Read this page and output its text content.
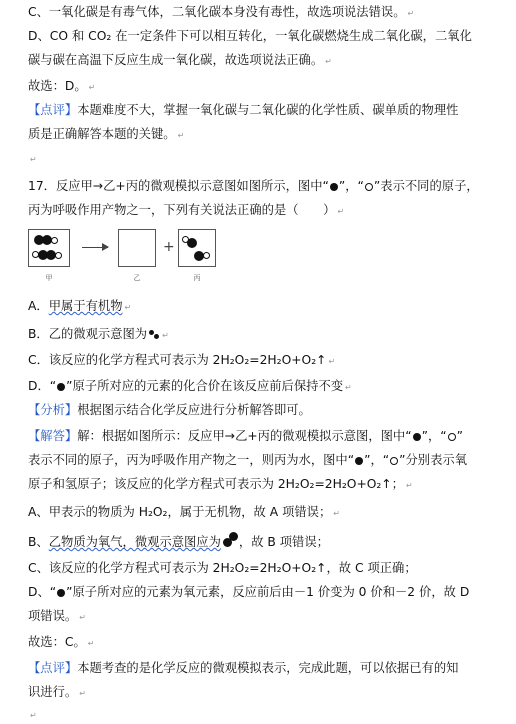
C、一氧化碳是有毒气体，二氧化碳本身没有毒性，故选项说法错误。 ↵
D、CO 和 CO₂ 在一定条件下可以相互转化，一氧化碳燃烧生成二氧化碳，二氧化
碳与碳在高温下反应生成一氧化碳，故选项说法正确。 ↵
故选：D。 ↵
【点评】本题难度不大，掌握一氧化碳与二氧化碳的化学性质、碳单质的物理性
质是正确解答本题的关键。 ↵
↵
17．反应甲→乙+丙的微观模拟示意图如图所示，图中“ ”，“ ”表示不同的原子，
丙为呼吸作用产物之一，下列有关说法正确的是（　　） ↵
甲	乙
+
丙
A．甲属于有机物 ↵
B．乙的微观示意图为 ↵
C．该反应的化学方程式可表示为 2H₂O₂=2H₂O+O₂↑ ↵
D．“ ”原子所对应的元素的化合价在该反应前后保持不变 ↵
【分析】根据图示结合化学反应进行分析解答即可。
【解答】解：根据如图所示：反应甲→乙+丙的微观模拟示意图，图中“ ”，“ ”
表示不同的原子，丙为呼吸作用产物之一，则丙为水，图中“ ”，“ ”分别表示氧
原子和氢原子；该反应的化学方程式可表示为 2H₂O₂=2H₂O+O₂↑； ↵
A、甲表示的物质为 H₂O₂，属于无机物，故 A 项错误； ↵
B、乙物质为氧气，微观示意图应为 ，故 B 项错误；
C、该反应的化学方程式可表示为 2H₂O₂=2H₂O+O₂↑，故 C 项正确；
D、“ ”原子所对应的元素为氧元素，反应前后由－1 价变为 0 价和－2 价，故 D
项错误。 ↵
故选：C。 ↵
【点评】本题考查的是化学反应的微观模拟表示，完成此题，可以依据已有的知
识进行。 ↵
↵
